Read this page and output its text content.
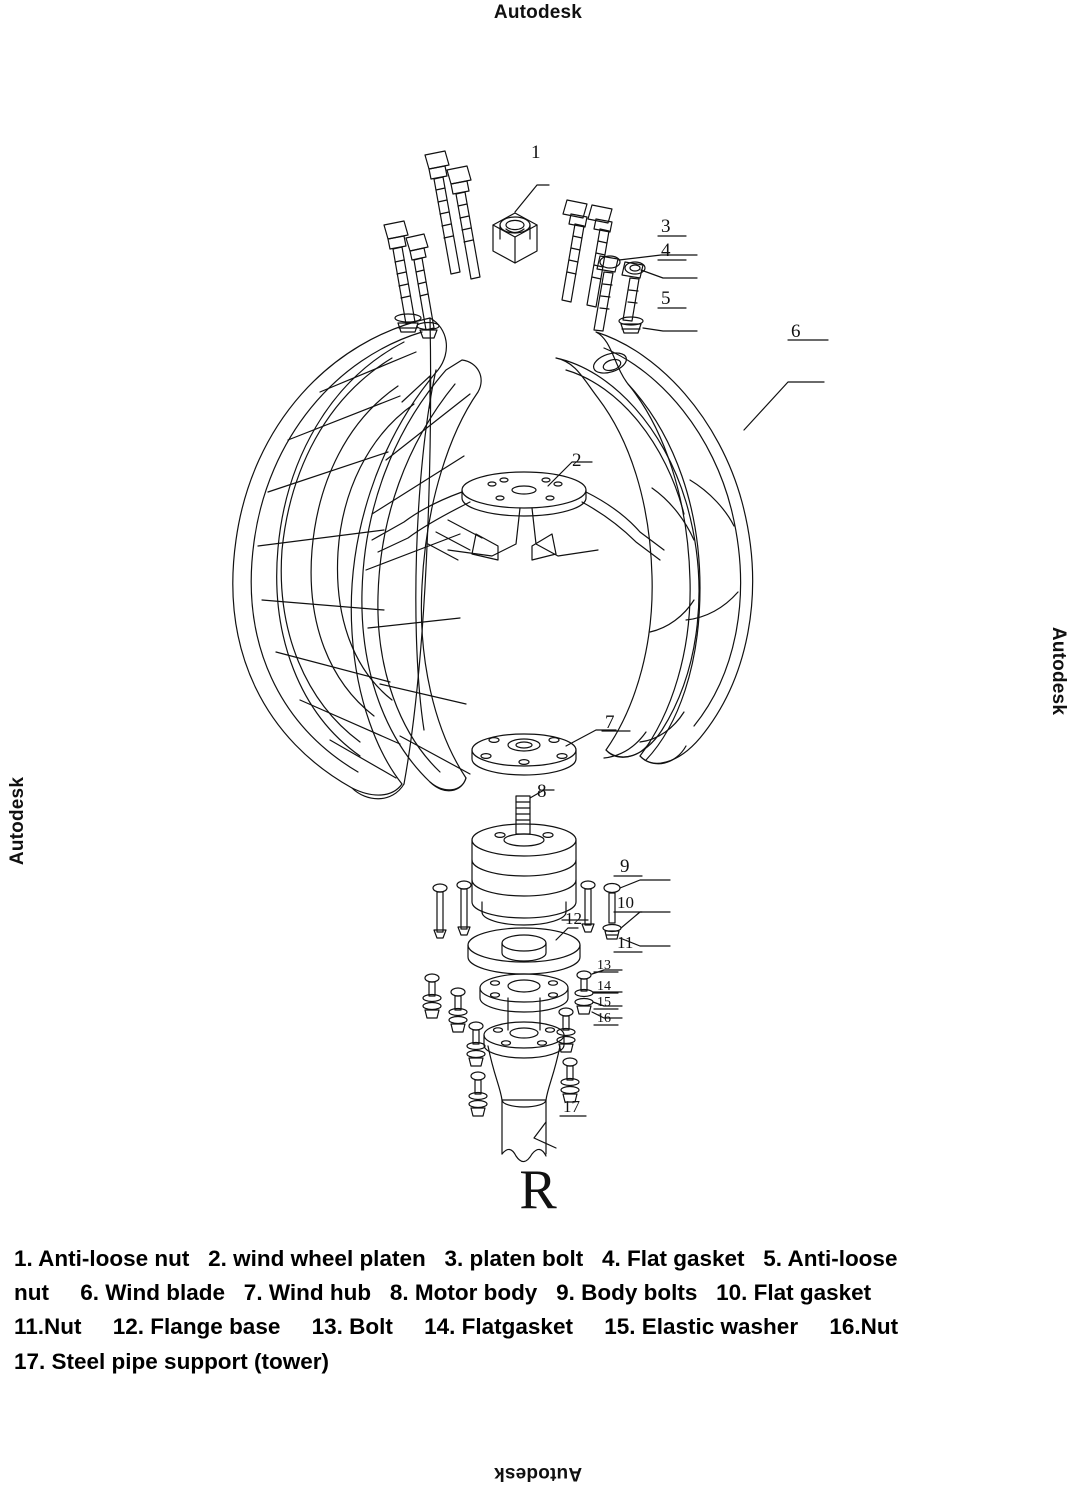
Autodesk
Autodesk
Autodesk
Autodesk
1
2
3
4
5
6
7
8
9
10
11
12
13
14
15
16
17
R
1. Anti-loose nut   2. wind wheel platen   3. platen bolt   4. Flat gasket   5. Anti-loose
nut     6. Wind blade   7. Wind hub   8. Motor body   9. Body bolts   10. Flat gasket
11.Nut     12. Flange base     13. Bolt     14. Flatgasket     15. Elastic washer     16.Nut
17. Steel pipe support (tower)
